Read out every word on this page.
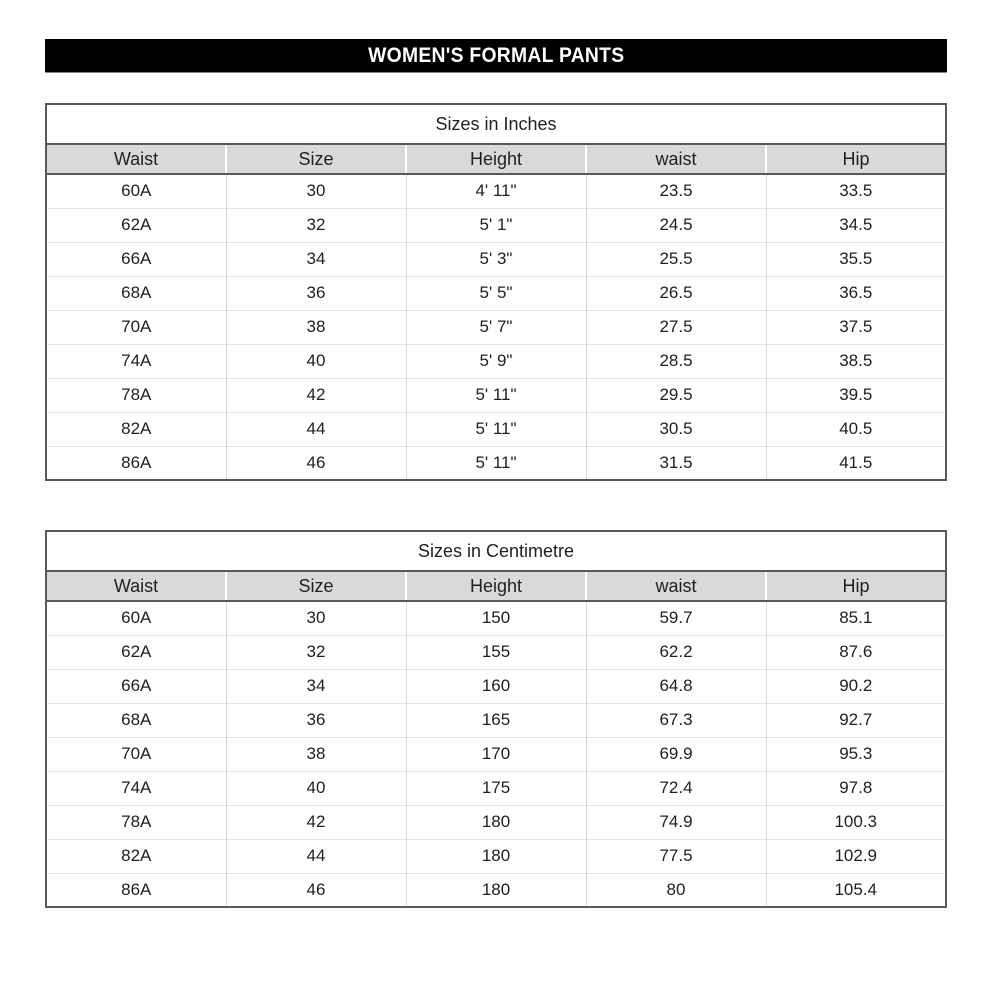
WOMEN'S FORMAL PANTS
Sizes in Inches				
Waist	Size	Height	waist	Hip
60A	30	4' 11"	23.5	33.5
62A	32	5' 1"	24.5	34.5
66A	34	5' 3"	25.5	35.5
68A	36	5' 5"	26.5	36.5
70A	38	5' 7"	27.5	37.5
74A	40	5' 9"	28.5	38.5
78A	42	5' 11"	29.5	39.5
82A	44	5' 11"	30.5	40.5
86A	46	5' 11"	31.5	41.5
Sizes in Centimetre				
Waist	Size	Height	waist	Hip
60A	30	150	59.7	85.1
62A	32	155	62.2	87.6
66A	34	160	64.8	90.2
68A	36	165	67.3	92.7
70A	38	170	69.9	95.3
74A	40	175	72.4	97.8
78A	42	180	74.9	100.3
82A	44	180	77.5	102.9
86A	46	180	80	105.4
